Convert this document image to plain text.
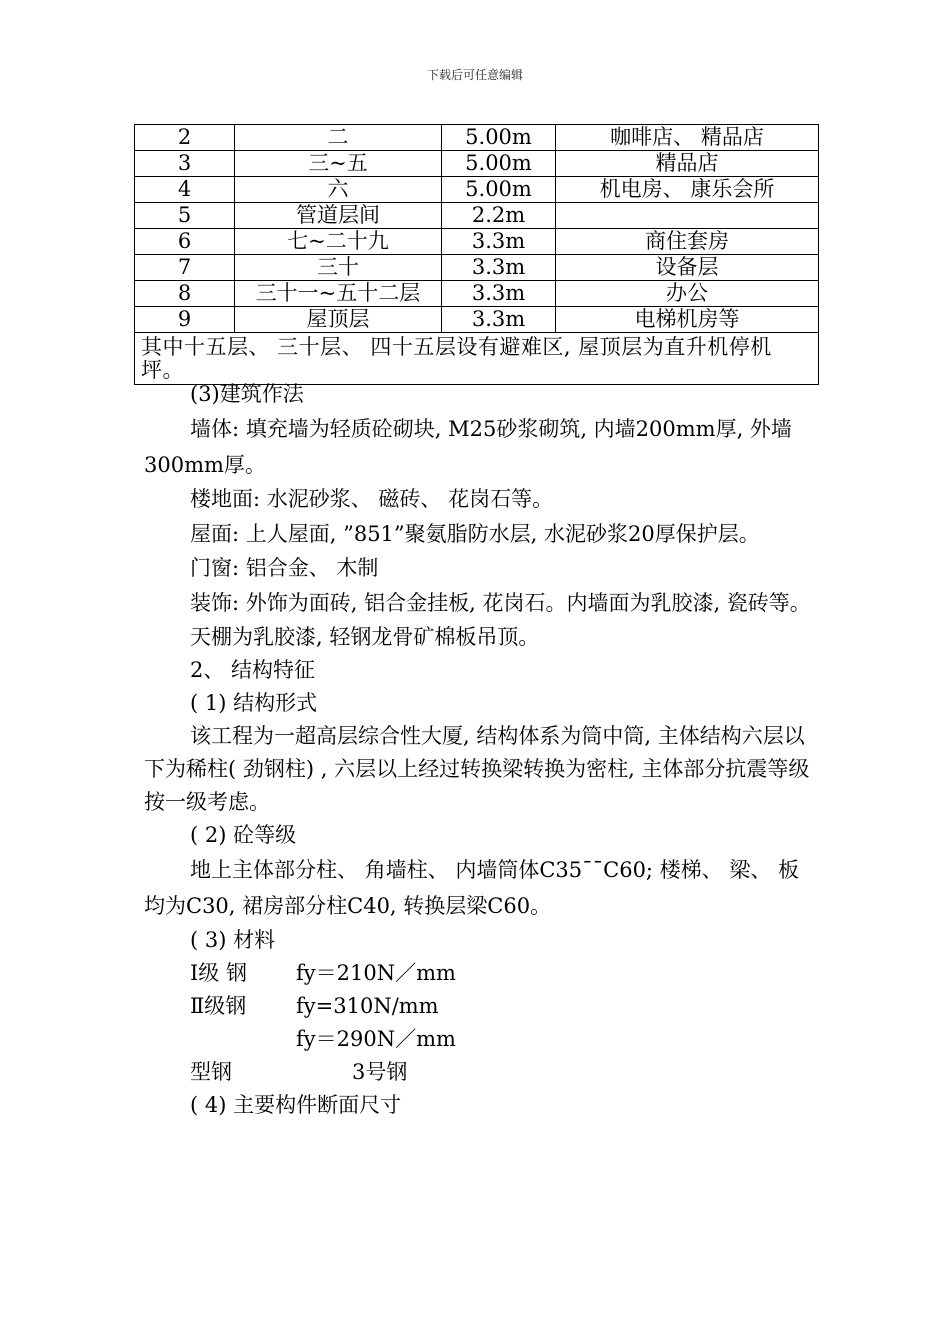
下载后可任意编辑
2	二	5.00m	咖啡店、 精品店
3	三~五	5.00m	精品店
4	六	5.00m	机电房、 康乐会所
5	管道层间	2.2m	
6	七~二十九	3.3m	商住套房
7	三十	3.3m	设备层
8	三十一~五十二层	3.3m	办公
9	屋顶层	3.3m	电梯机房等
其中十五层、 三十层、 四十五层设有避难区, 屋顶层为直升机停机坪。			

(3)建筑作法

墙体: 填充墙为轻质砼砌块, M25砂浆砌筑, 内墙200mm厚, 外墙300mm厚。

楼地面: 水泥砂浆、 磁砖、 花岗石等。

屋面: 上人屋面, ”851”聚氨脂防水层, 水泥砂浆20厚保护层。

门窗: 铝合金、 木制

装饰: 外饰为面砖, 铝合金挂板, 花岗石。内墙面为乳胶漆, 瓷砖等。

天棚为乳胶漆, 轻钢龙骨矿棉板吊顶。

2、 结构特征

( 1) 结构形式

该工程为一超高层综合性大厦, 结构体系为筒中筒, 主体结构六层以下为稀柱( 劲钢柱) , 六层以上经过转换梁转换为密柱, 主体部分抗震等级按一级考虑。

( 2) 砼等级

地上主体部分柱、 角墙柱、 内墙筒体C35¯¯C60; 楼梯、 梁、 板均为C30, 裙房部分柱C40, 转换层梁C60。

( 3) 材料

Ⅰ级 钢	fy＝210N／mm
Ⅱ级钢	fy=310N/mm
fy＝290N／mm
型钢	3号钢

( 4) 主要构件断面尺寸
